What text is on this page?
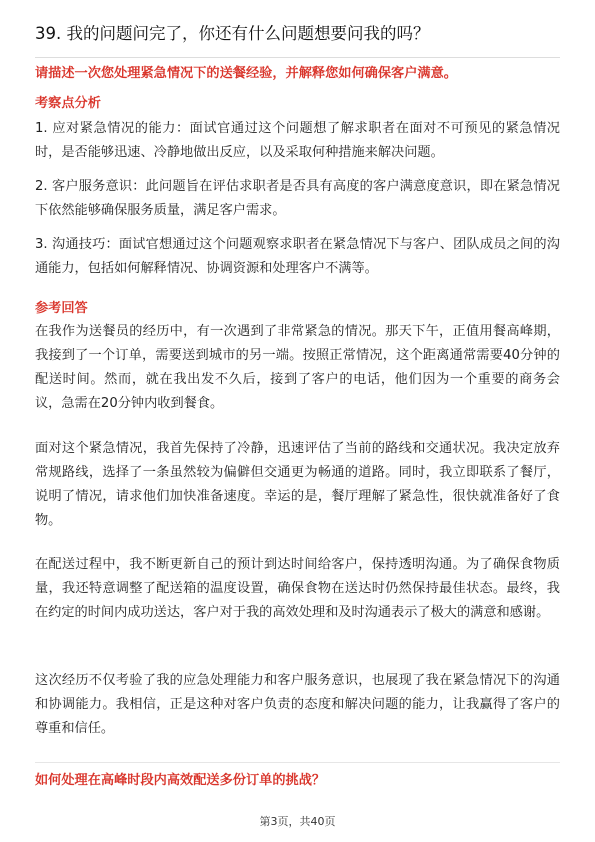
39. 我的问题问完了，你还有什么问题想要问我的吗？

请描述一次您处理紧急情况下的送餐经验，并解释您如何确保客户满意。

考察点分析

1. 应对紧急情况的能力：面试官通过这个问题想了解求职者在面对不可预见的紧急情况时，是否能够迅速、冷静地做出反应，以及采取何种措施来解决问题。

2. 客户服务意识：此问题旨在评估求职者是否具有高度的客户满意度意识，即在紧急情况下依然能够确保服务质量，满足客户需求。

3. 沟通技巧：面试官想通过这个问题观察求职者在紧急情况下与客户、团队成员之间的沟通能力，包括如何解释情况、协调资源和处理客户不满等。

参考回答

在我作为送餐员的经历中，有一次遇到了非常紧急的情况。那天下午，正值用餐高峰期，我接到了一个订单，需要送到城市的另一端。按照正常情况，这个距离通常需要40分钟的配送时间。然而，就在我出发不久后，接到了客户的电话，他们因为一个重要的商务会议，急需在20分钟内收到餐食。

面对这个紧急情况，我首先保持了冷静，迅速评估了当前的路线和交通状况。我决定放弃常规路线，选择了一条虽然较为偏僻但交通更为畅通的道路。同时，我立即联系了餐厅，说明了情况，请求他们加快准备速度。幸运的是，餐厅理解了紧急性，很快就准备好了食物。

在配送过程中，我不断更新自己的预计到达时间给客户，保持透明沟通。为了确保食物质量，我还特意调整了配送箱的温度设置，确保食物在送达时仍然保持最佳状态。最终，我在约定的时间内成功送达，客户对于我的高效处理和及时沟通表示了极大的满意和感谢。

这次经历不仅考验了我的应急处理能力和客户服务意识，也展现了我在紧急情况下的沟通和协调能力。我相信，正是这种对客户负责的态度和解决问题的能力，让我赢得了客户的尊重和信任。

如何处理在高峰时段内高效配送多份订单的挑战？

第3页，共40页
